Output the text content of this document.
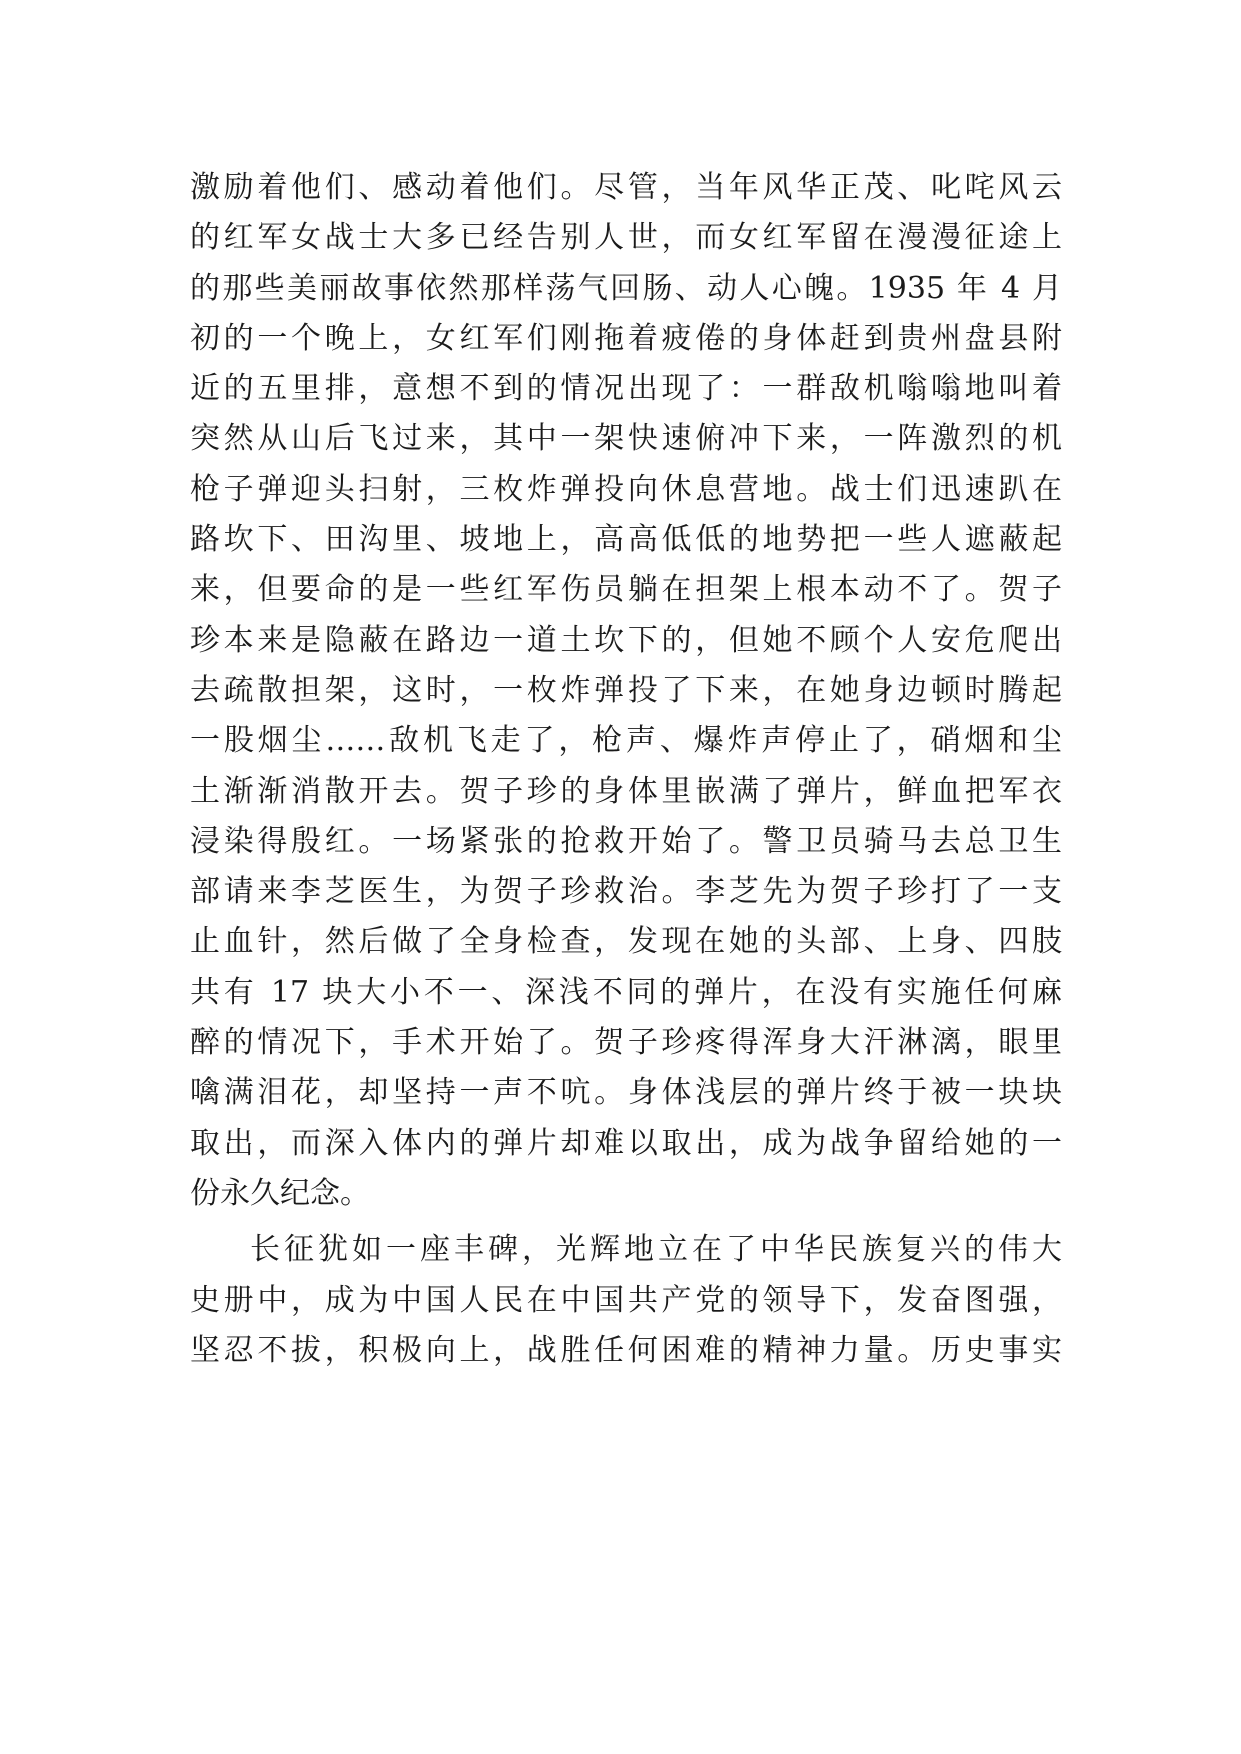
激励着他们、感动着他们。尽管，当年风华正茂、叱咤风云
的红军女战士大多已经告别人世，而女红军留在漫漫征途上
的那些美丽故事依然那样荡气回肠、动人心魄。1935 年 4 月
初的一个晚上，女红军们刚拖着疲倦的身体赶到贵州盘县附
近的五里排，意想不到的情况出现了：一群敌机嗡嗡地叫着
突然从山后飞过来，其中一架快速俯冲下来，一阵激烈的机
枪子弹迎头扫射，三枚炸弹投向休息营地。战士们迅速趴在
路坎下、田沟里、坡地上，高高低低的地势把一些人遮蔽起
来，但要命的是一些红军伤员躺在担架上根本动不了。贺子
珍本来是隐蔽在路边一道土坎下的，但她不顾个人安危爬出
去疏散担架，这时，一枚炸弹投了下来，在她身边顿时腾起
一股烟尘……敌机飞走了，枪声、爆炸声停止了，硝烟和尘
土渐渐消散开去。贺子珍的身体里嵌满了弹片，鲜血把军衣
浸染得殷红。一场紧张的抢救开始了。警卫员骑马去总卫生
部请来李芝医生，为贺子珍救治。李芝先为贺子珍打了一支
止血针，然后做了全身检查，发现在她的头部、上身、四肢
共有 17 块大小不一、深浅不同的弹片，在没有实施任何麻
醉的情况下，手术开始了。贺子珍疼得浑身大汗淋漓，眼里
噙满泪花，却坚持一声不吭。身体浅层的弹片终于被一块块
取出，而深入体内的弹片却难以取出，成为战争留给她的一
份永久纪念。
长征犹如一座丰碑，光辉地立在了中华民族复兴的伟大
史册中，成为中国人民在中国共产党的领导下，发奋图强，
坚忍不拔，积极向上，战胜任何困难的精神力量。历史事实
